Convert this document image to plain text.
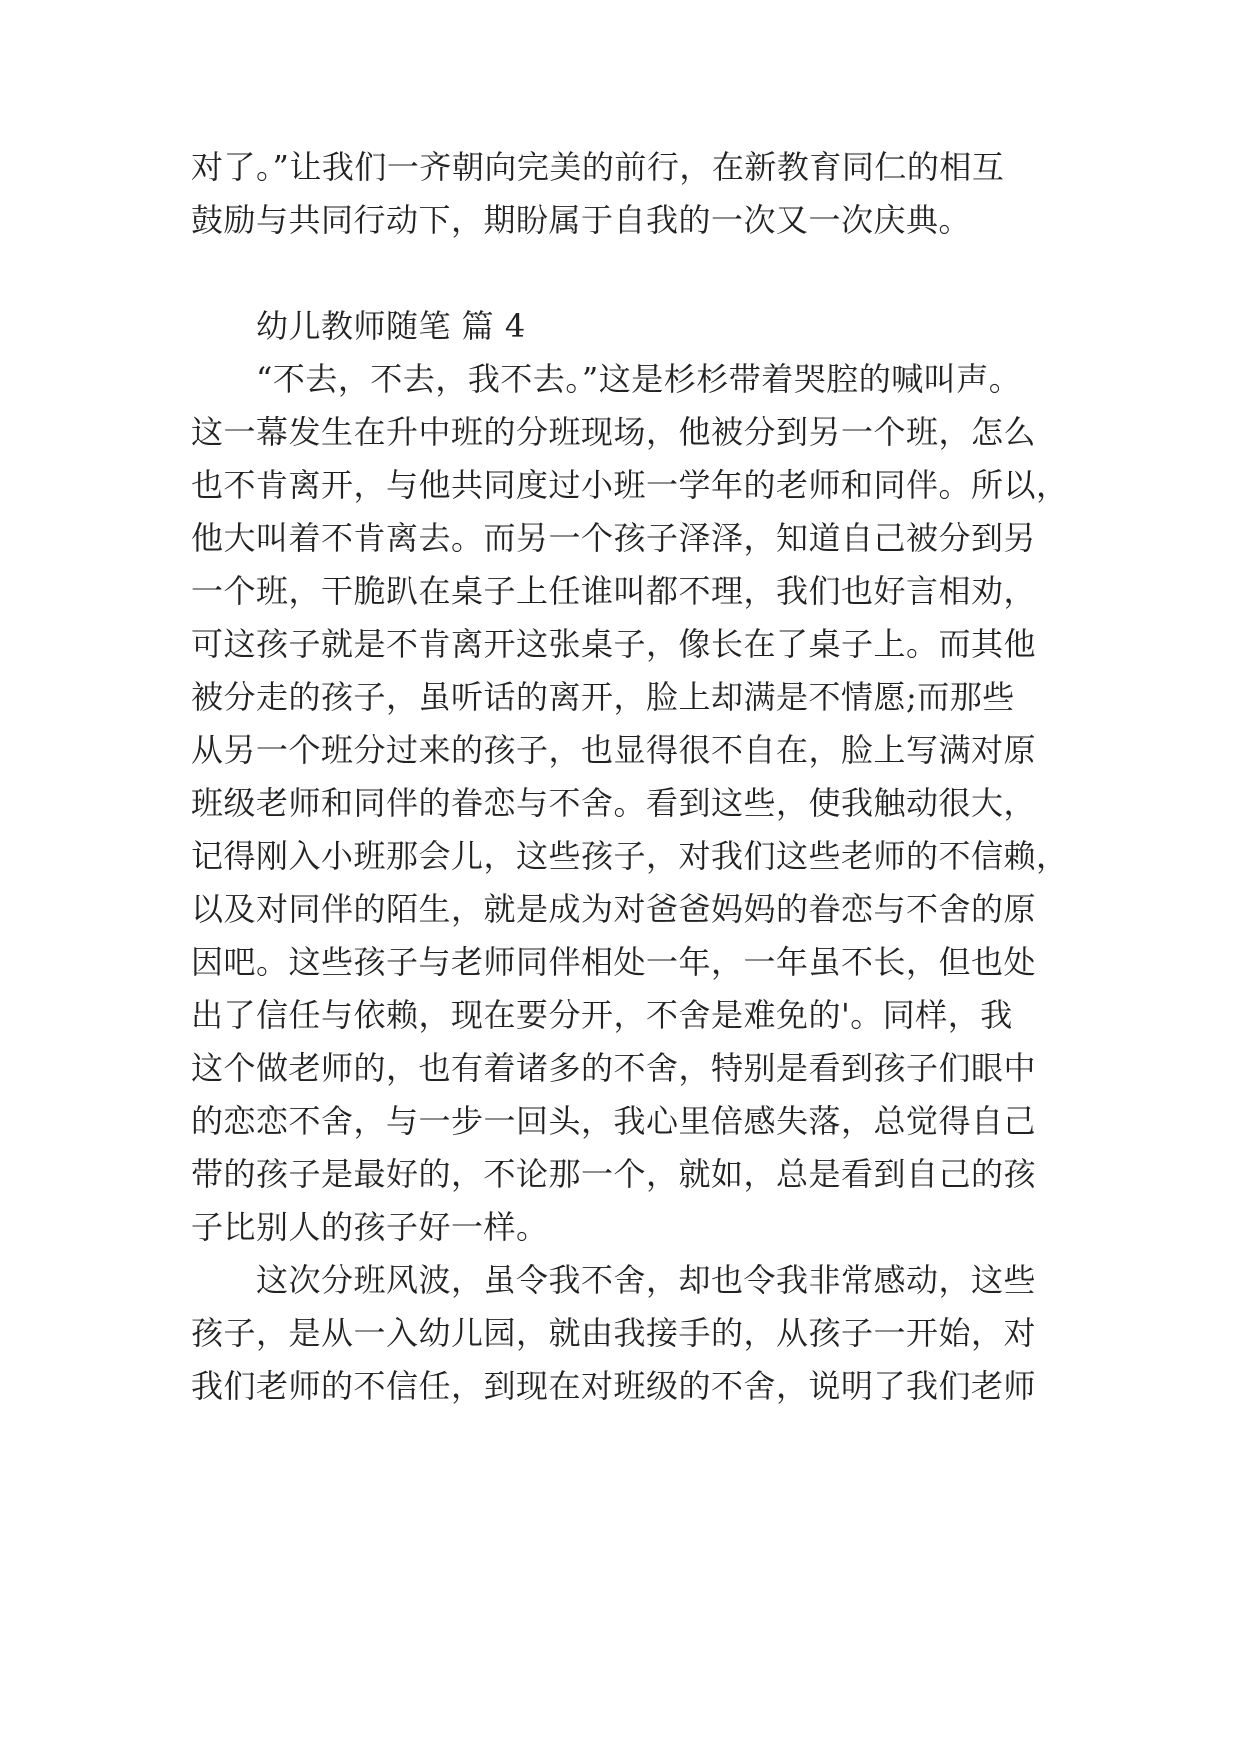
对了。”让我们一齐朝向完美的前行，在新教育同仁的相互
鼓励与共同行动下，期盼属于自我的一次又一次庆典。
幼儿教师随笔 篇 4
“不去，不去，我不去。”这是杉杉带着哭腔的喊叫声。
这一幕发生在升中班的分班现场，他被分到另一个班，怎么
也不肯离开，与他共同度过小班一学年的老师和同伴。所以，
他大叫着不肯离去。而另一个孩子泽泽，知道自己被分到另
一个班，干脆趴在桌子上任谁叫都不理，我们也好言相劝，
可这孩子就是不肯离开这张桌子，像长在了桌子上。而其他
被分走的孩子，虽听话的离开，脸上却满是不情愿;而那些
从另一个班分过来的孩子，也显得很不自在，脸上写满对原
班级老师和同伴的眷恋与不舍。看到这些，使我触动很大，
记得刚入小班那会儿，这些孩子，对我们这些老师的不信赖，
以及对同伴的陌生，就是成为对爸爸妈妈的眷恋与不舍的原
因吧。这些孩子与老师同伴相处一年，一年虽不长，但也处
出了信任与依赖，现在要分开，不舍是难免的'。同样，我
这个做老师的，也有着诸多的不舍，特别是看到孩子们眼中
的恋恋不舍，与一步一回头，我心里倍感失落，总觉得自己
带的孩子是最好的，不论那一个，就如，总是看到自己的孩
子比别人的孩子好一样。
这次分班风波，虽令我不舍，却也令我非常感动，这些
孩子，是从一入幼儿园，就由我接手的，从孩子一开始，对
我们老师的不信任，到现在对班级的不舍，说明了我们老师
